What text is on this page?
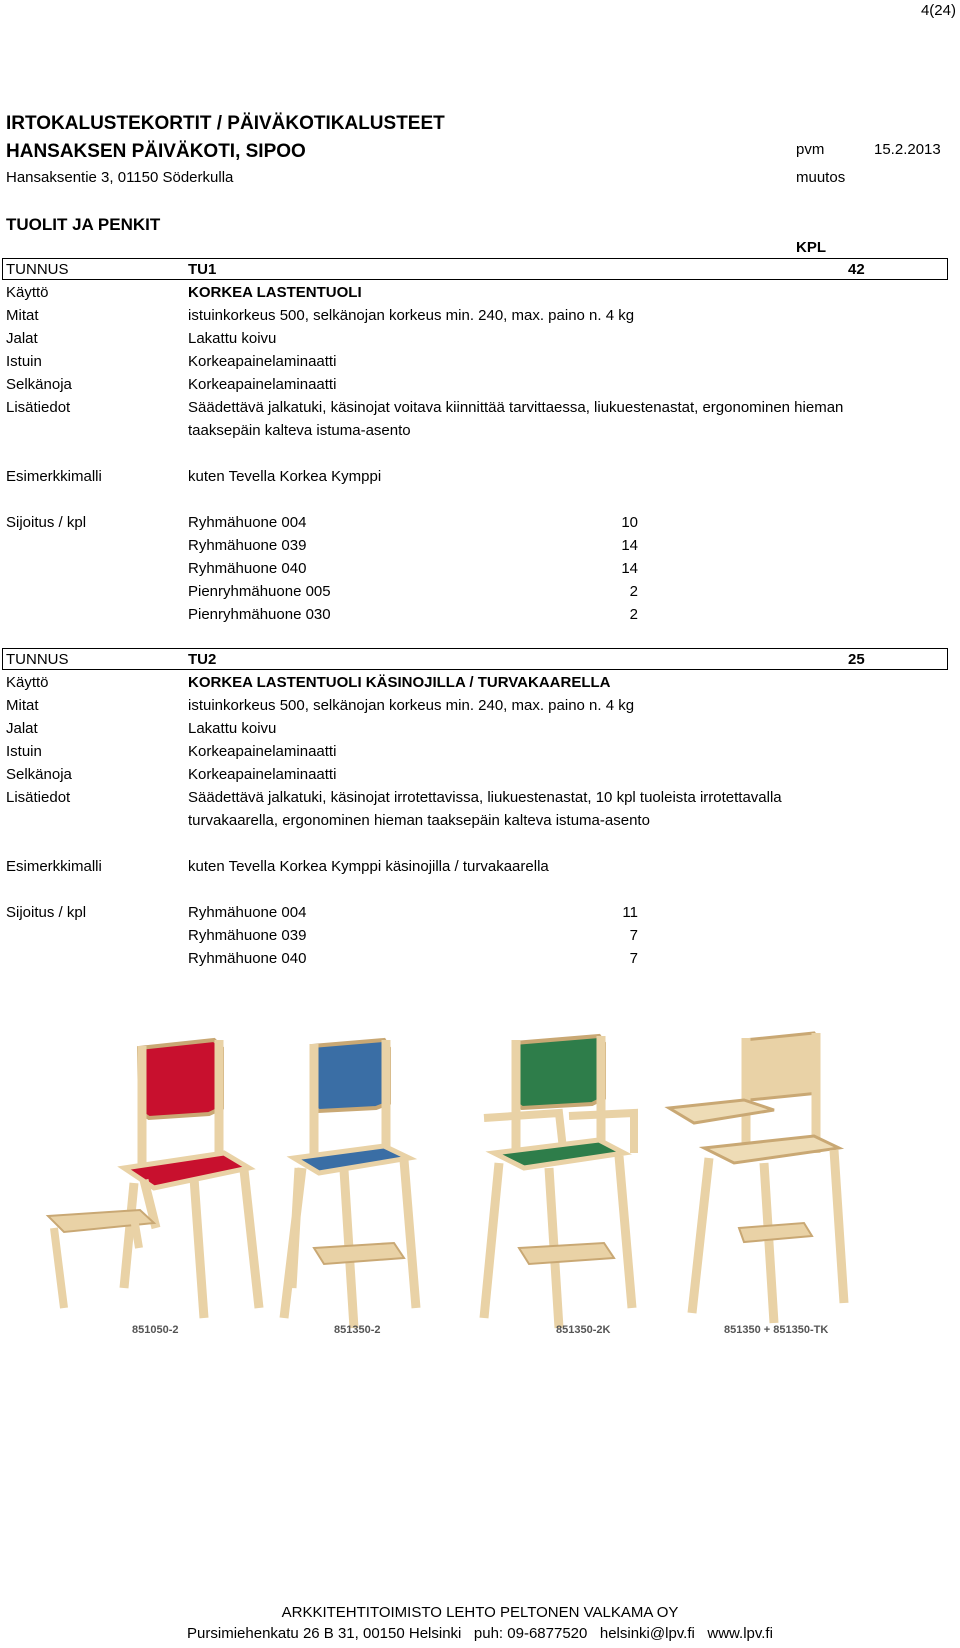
4(24)
IRTOKALUSTEKORTIT / PÄIVÄKOTIKALUSTEET
HANSAKSEN PÄIVÄKOTI, SIPOO
Hansaksentie 3, 01150 Söderkulla
pvm	15.2.2013
muutos
TUOLIT JA PENKIT
KPL
TUNNUS	TU1	42
Käyttö	KORKEA LASTENTUOLI
Mitat	istuinkorkeus 500, selkänojan korkeus min. 240, max. paino n. 4 kg
Jalat	Lakattu koivu
Istuin	Korkeapainelaminaatti
Selkänoja	Korkeapainelaminaatti
Lisätiedot	Säädettävä jalkatuki, käsinojat voitava kiinnittää tarvittaessa, liukuestenastat, ergonominen hieman
taaksepäin kalteva istuma-asento
Esimerkkimalli	kuten Tevella Korkea Kymppi
Sijoitus / kpl	Ryhmähuone 004	10
Ryhmähuone 039	14
Ryhmähuone 040	14
Pienryhmähuone 005	2
Pienryhmähuone 030	2
TUNNUS	TU2	25
Käyttö	KORKEA LASTENTUOLI KÄSINOJILLA / TURVAKAARELLA
Mitat	istuinkorkeus 500, selkänojan korkeus min. 240, max. paino n. 4 kg
Jalat	Lakattu koivu
Istuin	Korkeapainelaminaatti
Selkänoja	Korkeapainelaminaatti
Lisätiedot	Säädettävä jalkatuki, käsinojat irrotettavissa, liukuestenastat, 10 kpl tuoleista irrotettavalla
turvakaarella, ergonominen hieman taaksepäin kalteva istuma-asento
Esimerkkimalli	kuten Tevella Korkea Kymppi käsinojilla / turvakaarella
Sijoitus / kpl	Ryhmähuone 004	11
Ryhmähuone 039	7
Ryhmähuone 040	7
851050-2	851350-2	851350-2K	851350 + 851350-TK
ARKKITEHTITOIMISTO LEHTO PELTONEN VALKAMA OY
Pursimiehenkatu 26 B 31, 00150 Helsinki puh: 09-6877520 helsinki@lpv.fi www.lpv.fi
